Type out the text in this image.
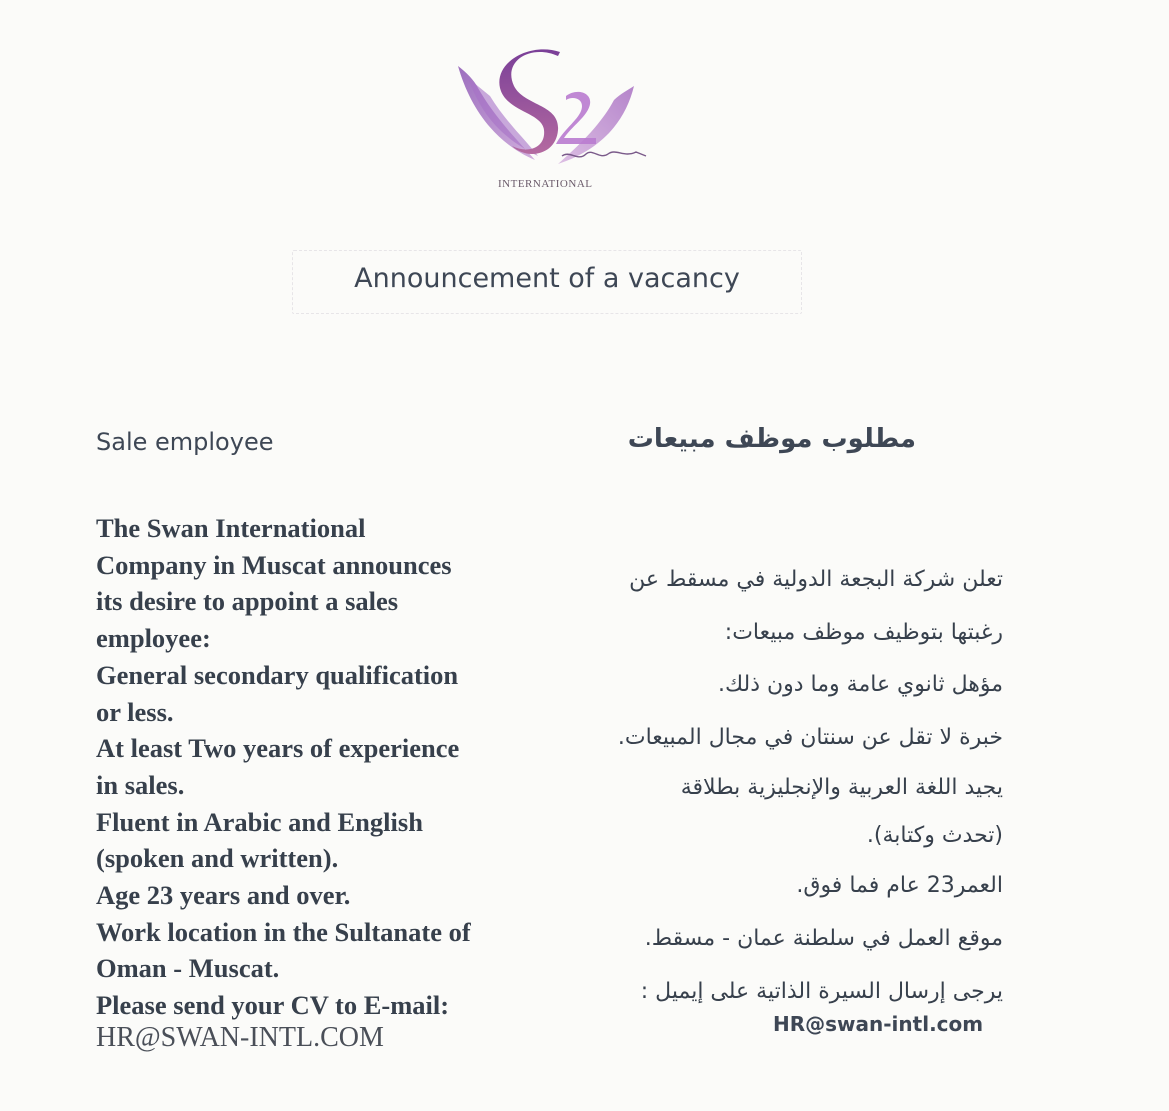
INTERNATIONAL
Announcement of a vacancy
Sale employee
The Swan International
Company in Muscat announces
its desire to appoint a sales
employee:
General secondary qualification
or less.
At least Two years of experience
in sales.
Fluent in Arabic and English
(spoken and written).
Age 23 years and over.
Work location in the Sultanate of
Oman - Muscat.
Please send your CV to E-mail:
HR@SWAN-INTL.COM
مطلوب موظف مبيعات
تعلن شركة البجعة الدولية في مسقط عن
رغبتها بتوظيف موظف مبيعات:
مؤهل ثانوي عامة وما دون ذلك.
خبرة لا تقل عن سنتان في مجال المبيعات.
يجيد اللغة العربية والإنجليزية بطلاقة
(تحدث وكتابة).
العمر23 عام فما فوق.
موقع العمل في سلطنة عمان - مسقط.
يرجى إرسال السيرة الذاتية على إيميل :
HR@swan-intl.com
